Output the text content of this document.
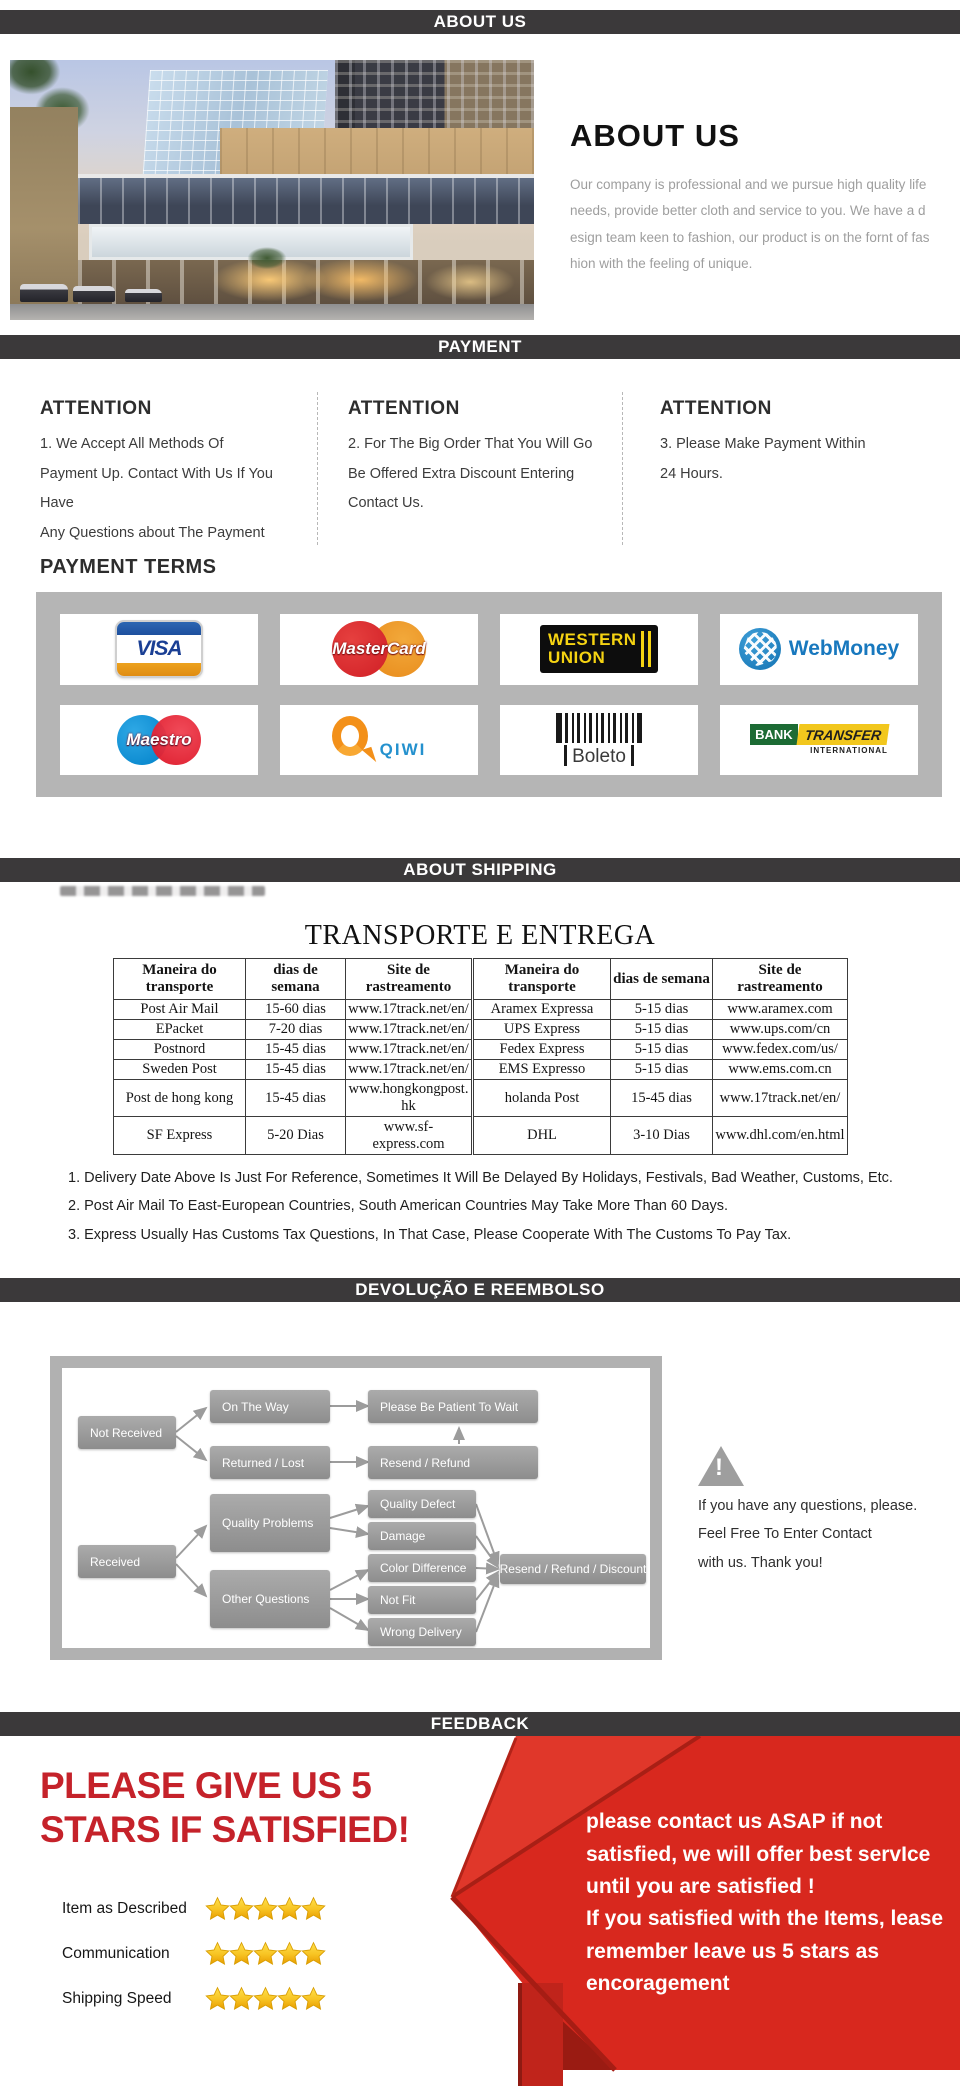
ABOUT US
ABOUT US
Our company is professional and we pursue high quality life needs, provide better cloth and service to you. We have a d esign team keen to fashion, our product is on the fornt of fas hion with the feeling of unique.
PAYMENT
ATTENTION
1. We Accept All Methods Of
Payment Up. Contact With Us If You Have
Any Questions about The Payment
ATTENTION
2. For The Big Order That You Will Go
Be Offered Extra Discount Entering
Contact Us.
ATTENTION
3. Please Make Payment Within
24 Hours.
PAYMENT TERMS
VISA	MasterCard	WESTERN
UNION	WebMoney
Maestro
QIWI	Boleto
BANK TRANSFER
INTERNATIONAL
ABOUT SHIPPING
TRANSPORTE E ENTREGA
Maneira do transporte	dias de semana	Site de rastreamento	Maneira do transporte	dias de semana	Site de rastreamento
Post Air Mail	15-60 dias	www.17track.net/en/	Aramex Expressa	5-15 dias	www.aramex.com
EPacket	7-20 dias	www.17track.net/en/	UPS Express	5-15 dias	www.ups.com/cn
Postnord	15-45 dias	www.17track.net/en/	Fedex Express	5-15 dias	www.fedex.com/us/
Sweden Post	15-45 dias	www.17track.net/en/	EMS Expresso	5-15 dias	www.ems.com.cn
Post de hong kong	15-45 dias	www.hongkongpost.hk	holanda Post	15-45 dias	www.17track.net/en/
SF Express	5-20 Dias	www.sf-express.com	DHL	3-10 Dias	www.dhl.com/en.html
1. Delivery Date Above Is Just For Reference, Sometimes It Will Be Delayed By Holidays, Festivals, Bad Weather, Customs, Etc.
2. Post Air Mail To East-European Countries, South American Countries May Take More Than 60 Days.
3. Express Usually Has Customs Tax Questions, In That Case, Please Cooperate With The Customs To Pay Tax.
DEVOLUÇÃO E REEMBOLSO
Not Received
On The Way
Returned / Lost
Please Be Patient To Wait
Resend / Refund
Received
Quality Problems
Other Questions
Quality Defect
Damage
Color Difference
Not Fit
Wrong Delivery
Resend / Refund / Discount
!
If you have any questions, please.
Feel Free To Enter Contact
with us. Thank you!
FEEDBACK
PLEASE GIVE US 5
STARS IF SATISFIED!
Item as Described
Communication
Shipping Speed
please contact us ASAP if not
satisfied, we will offer best servIce
until you are satisfied !
If you satisfied with the Items, lease
remember leave us 5 stars as
encoragement
